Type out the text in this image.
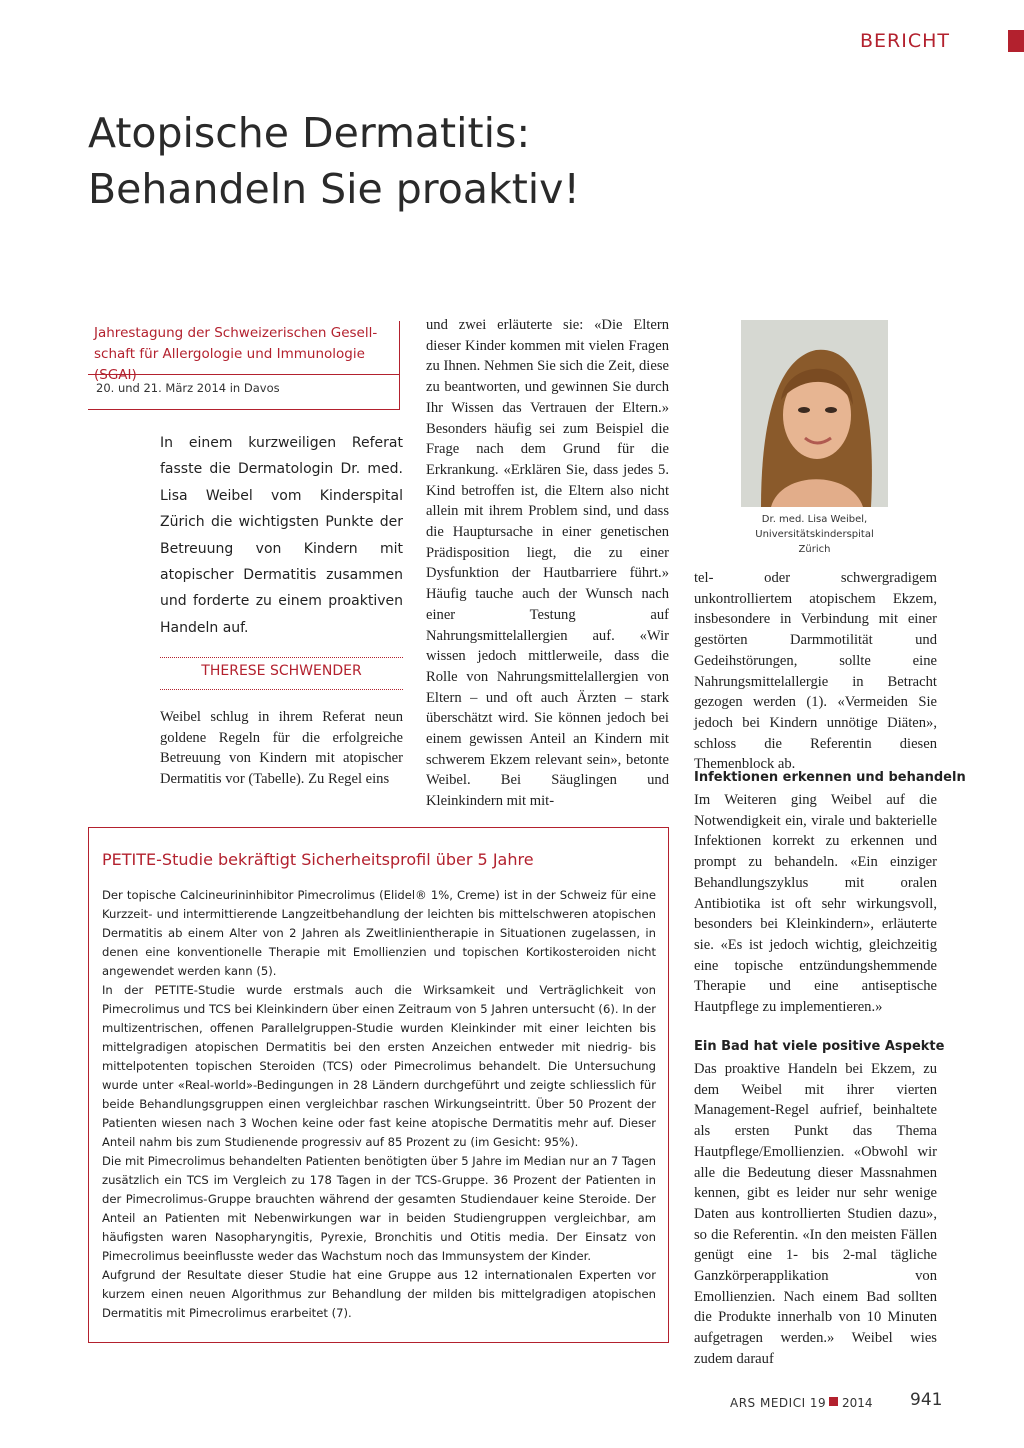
BERICHT
Atopische Dermatitis:
Behandeln Sie proaktiv!
Jahrestagung der Schweizerischen Gesell-schaft für Allergologie und Immunologie (SGAI)
20. und 21. März 2014 in Davos
In einem kurzweiligen Referat fasste die Dermatologin Dr. med. Lisa Weibel vom Kinderspital Zürich die wichtigsten Punkte der Betreuung von Kindern mit atopischer Dermatitis zusammen und forderte zu einem proaktiven Handeln auf.
THERESE SCHWENDER
Weibel schlug in ihrem Referat neun goldene Regeln für die erfolgreiche Betreuung von Kindern mit atopischer Dermatitis vor (Tabelle). Zu Regel eins
und zwei erläuterte sie: «Die Eltern dieser Kinder kommen mit vielen Fragen zu Ihnen. Nehmen Sie sich die Zeit, diese zu beantworten, und gewinnen Sie durch Ihr Wissen das Vertrauen der Eltern.» Besonders häufig sei zum Beispiel die Frage nach dem Grund für die Erkrankung. «Erklären Sie, dass jedes 5. Kind betroffen ist, die Eltern also nicht allein mit ihrem Problem sind, und dass die Hauptursache in einer genetischen Prädisposition liegt, die zu einer Dysfunktion der Hautbarriere führt.» Häufig tauche auch der Wunsch nach einer Testung auf Nahrungsmittelallergien auf. «Wir wissen jedoch mittlerweile, dass die Rolle von Nahrungsmittelallergien von Eltern – und oft auch Ärzten – stark überschätzt wird. Sie können jedoch bei einem gewissen Anteil an Kindern mit schwerem Ekzem relevant sein», betonte Weibel. Bei Säuglingen und Kleinkindern mit mit-
Dr. med. Lisa Weibel,
Universitätskinderspital Zürich
tel- oder schwergradigem unkontrolliertem atopischem Ekzem, insbesondere in Verbindung mit einer gestörten Darmmotilität und Gedeihstörungen, sollte eine Nahrungsmittelallergie in Betracht gezogen werden (1). «Vermeiden Sie jedoch bei Kindern unnötige Diäten», schloss die Referentin diesen Themenblock ab.
Infektionen erkennen und behandeln
Im Weiteren ging Weibel auf die Notwendigkeit ein, virale und bakterielle Infektionen korrekt zu erkennen und prompt zu behandeln. «Ein einziger Behandlungszyklus mit oralen Antibiotika ist oft sehr wirkungsvoll, besonders bei Kleinkindern», erläuterte sie. «Es ist jedoch wichtig, gleichzeitig eine topische entzündungshemmende Therapie und eine antiseptische Hautpflege zu implementieren.»
Ein Bad hat viele positive Aspekte
Das proaktive Handeln bei Ekzem, zu dem Weibel mit ihrer vierten Management-Regel aufrief, beinhaltete als ersten Punkt das Thema Hautpflege/Emollienzien. «Obwohl wir alle die Bedeutung dieser Massnahmen kennen, gibt es leider nur sehr wenige Daten aus kontrollierten Studien dazu», so die Referentin. «In den meisten Fällen genügt eine 1- bis 2-mal tägliche Ganzkörperapplikation von Emollienzien. Nach einem Bad sollten die Produkte innerhalb von 10 Minuten aufgetragen werden.» Weibel wies zudem darauf
PETITE-Studie bekräftigt Sicherheitsprofil über 5 Jahre

Der topische Calcineurininhibitor Pimecrolimus (Elidel® 1%, Creme) ist in der Schweiz für eine Kurzzeit- und intermittierende Langzeitbehandlung der leichten bis mittelschweren atopischen Dermatitis ab einem Alter von 2 Jahren als Zweitlinientherapie in Situationen zugelassen, in denen eine konventionelle Therapie mit Emollienzien und topischen Kortikosteroiden nicht angewendet werden kann (5).

In der PETITE-Studie wurde erstmals auch die Wirksamkeit und Verträglichkeit von Pimecrolimus und TCS bei Kleinkindern über einen Zeitraum von 5 Jahren untersucht (6). In der multizentrischen, offenen Parallelgruppen-Studie wurden Kleinkinder mit einer leichten bis mittelgradigen atopischen Dermatitis bei den ersten Anzeichen entweder mit niedrig- bis mittelpotenten topischen Steroiden (TCS) oder Pimecrolimus behandelt. Die Untersuchung wurde unter «Real-world»-Bedingungen in 28 Ländern durchgeführt und zeigte schliesslich für beide Behandlungsgruppen einen vergleichbar raschen Wirkungseintritt. Über 50 Prozent der Patienten wiesen nach 3 Wochen keine oder fast keine atopische Dermatitis mehr auf. Dieser Anteil nahm bis zum Studienende progressiv auf 85 Prozent zu (im Gesicht: 95%).

Die mit Pimecrolimus behandelten Patienten benötigten über 5 Jahre im Median nur an 7 Tagen zusätzlich ein TCS im Vergleich zu 178 Tagen in der TCS-Gruppe. 36 Prozent der Patienten in der Pimecrolimus-Gruppe brauchten während der gesamten Studiendauer keine Steroide. Der Anteil an Patienten mit Nebenwirkungen war in beiden Studiengruppen vergleichbar, am häufigsten waren Nasopharyngitis, Pyrexie, Bronchitis und Otitis media. Der Einsatz von Pimecrolimus beeinflusste weder das Wachstum noch das Immunsystem der Kinder.

Aufgrund der Resultate dieser Studie hat eine Gruppe aus 12 internationalen Experten vor kurzem einen neuen Algorithmus zur Behandlung der milden bis mittelgradigen atopischen Dermatitis mit Pimecrolimus erarbeitet (7).

ARS MEDICI 19 2014 941
